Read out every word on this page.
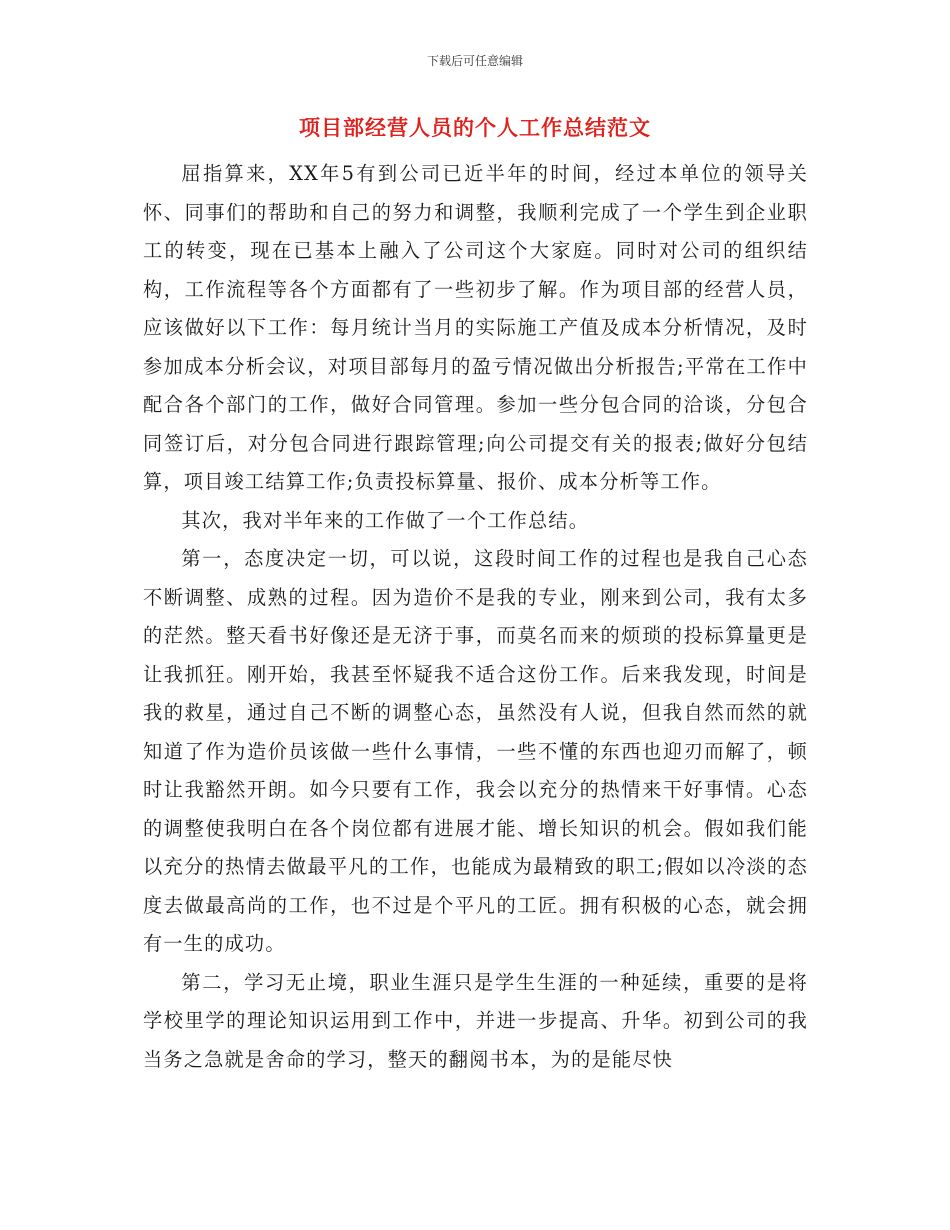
下载后可任意编辑
项目部经营人员的个人工作总结范文

屈指算来，XX年5有到公司已近半年的时间，经过本单位的领导关怀、同事们的帮助和自己的努力和调整，我顺利完成了一个学生到企业职工的转变，现在已基本上融入了公司这个大家庭。同时对公司的组织结构，工作流程等各个方面都有了一些初步了解。作为项目部的经营人员，应该做好以下工作：每月统计当月的实际施工产值及成本分析情况，及时参加成本分析会议，对项目部每月的盈亏情况做出分析报告;平常在工作中配合各个部门的工作，做好合同管理。参加一些分包合同的洽谈，分包合同签订后，对分包合同进行跟踪管理;向公司提交有关的报表;做好分包结算，项目竣工结算工作;负责投标算量、报价、成本分析等工作。

其次，我对半年来的工作做了一个工作总结。

第一，态度决定一切，可以说，这段时间工作的过程也是我自己心态不断调整、成熟的过程。因为造价不是我的专业，刚来到公司，我有太多的茫然。整天看书好像还是无济于事，而莫名而来的烦琐的投标算量更是让我抓狂。刚开始，我甚至怀疑我不适合这份工作。后来我发现，时间是我的救星，通过自己不断的调整心态，虽然没有人说，但我自然而然的就知道了作为造价员该做一些什么事情，一些不懂的东西也迎刃而解了，顿时让我豁然开朗。如今只要有工作，我会以充分的热情来干好事情。心态的调整使我明白在各个岗位都有进展才能、增长知识的机会。假如我们能以充分的热情去做最平凡的工作，也能成为最精致的职工;假如以冷淡的态度去做最高尚的工作，也不过是个平凡的工匠。拥有积极的心态，就会拥有一生的成功。

第二，学习无止境，职业生涯只是学生生涯的一种延续，重要的是将学校里学的理论知识运用到工作中，并进一步提高、升华。初到公司的我当务之急就是舍命的学习，整天的翻阅书本，为的是能尽快
